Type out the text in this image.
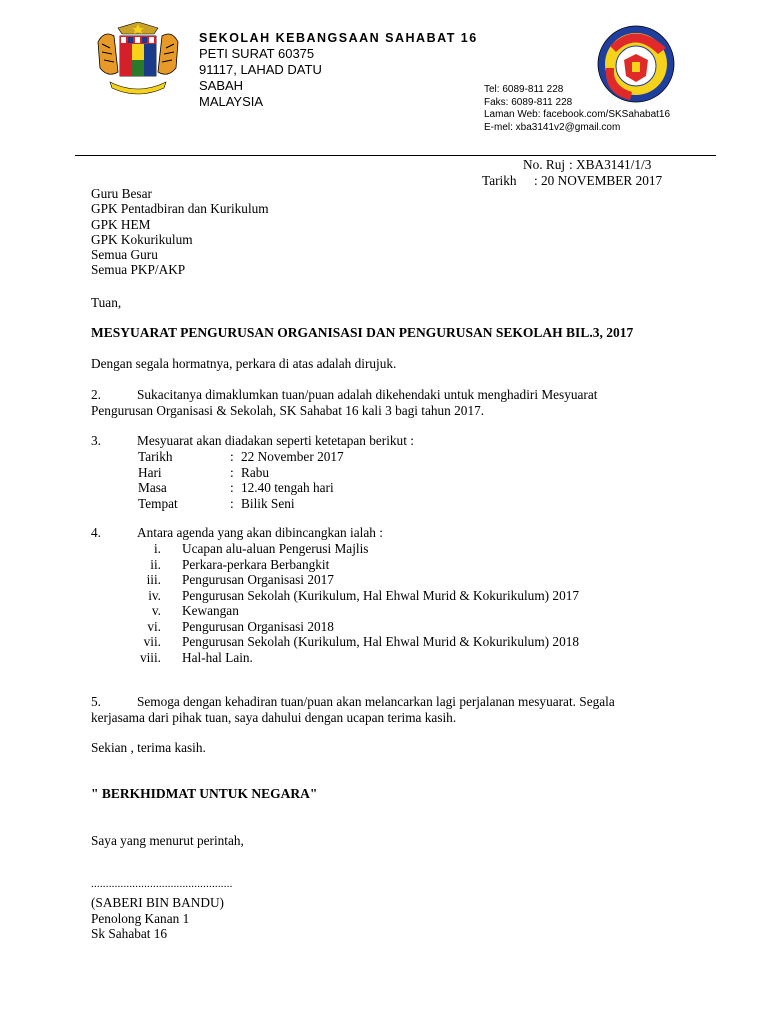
SEKOLAH KEBANGSAAN SAHABAT 16
PETI SURAT 60375
91117, LAHAD DATU
SABAH
MALAYSIA
Tel: 6089-811 228
Faks: 6089-811 228
Laman Web: facebook.com/SKSahabat16
E-mel: xba3141v2@gmail.com
No. Ruj : XBA3141/1/3
Tarikh : 20 NOVEMBER 2017
Guru Besar
GPK Pentadbiran dan Kurikulum
GPK HEM
GPK Kokurikulum
Semua Guru
Semua PKP/AKP
Tuan,
MESYUARAT PENGURUSAN ORGANISASI DAN PENGURUSAN SEKOLAH BIL.3, 2017
Dengan segala hormatnya, perkara di atas adalah dirujuk.
2.	Sukacitanya dimaklumkan tuan/puan adalah dikehendaki untuk menghadiri Mesyuarat
Pengurusan Organisasi & Sekolah, SK Sahabat 16 kali 3 bagi tahun 2017.
3.	Mesyuarat akan diadakan seperti ketetapan berikut :
Tarikh	: 22 November 2017
Hari	: Rabu
Masa	: 12.40 tengah hari
Tempat	: Bilik Seni
4.	Antara agenda yang akan dibincangkan ialah :
i. Ucapan alu-aluan Pengerusi Majlis
ii. Perkara-perkara Berbangkit
iii. Pengurusan Organisasi 2017
iv. Pengurusan Sekolah (Kurikulum, Hal Ehwal Murid & Kokurikulum) 2017
v. Kewangan
vi. Pengurusan Organisasi 2018
vii. Pengurusan Sekolah (Kurikulum, Hal Ehwal Murid & Kokurikulum) 2018
viii. Hal-hal Lain.
5.	Semoga dengan kehadiran tuan/puan akan melancarkan lagi perjalanan mesyuarat. Segala
kerjasama dari pihak tuan, saya dahului dengan ucapan terima kasih.
Sekian , terima kasih.
" BERKHIDMAT UNTUK NEGARA"
Saya yang menurut perintah,
................................................
(SABERI BIN BANDU)
Penolong Kanan 1
Sk Sahabat 16
